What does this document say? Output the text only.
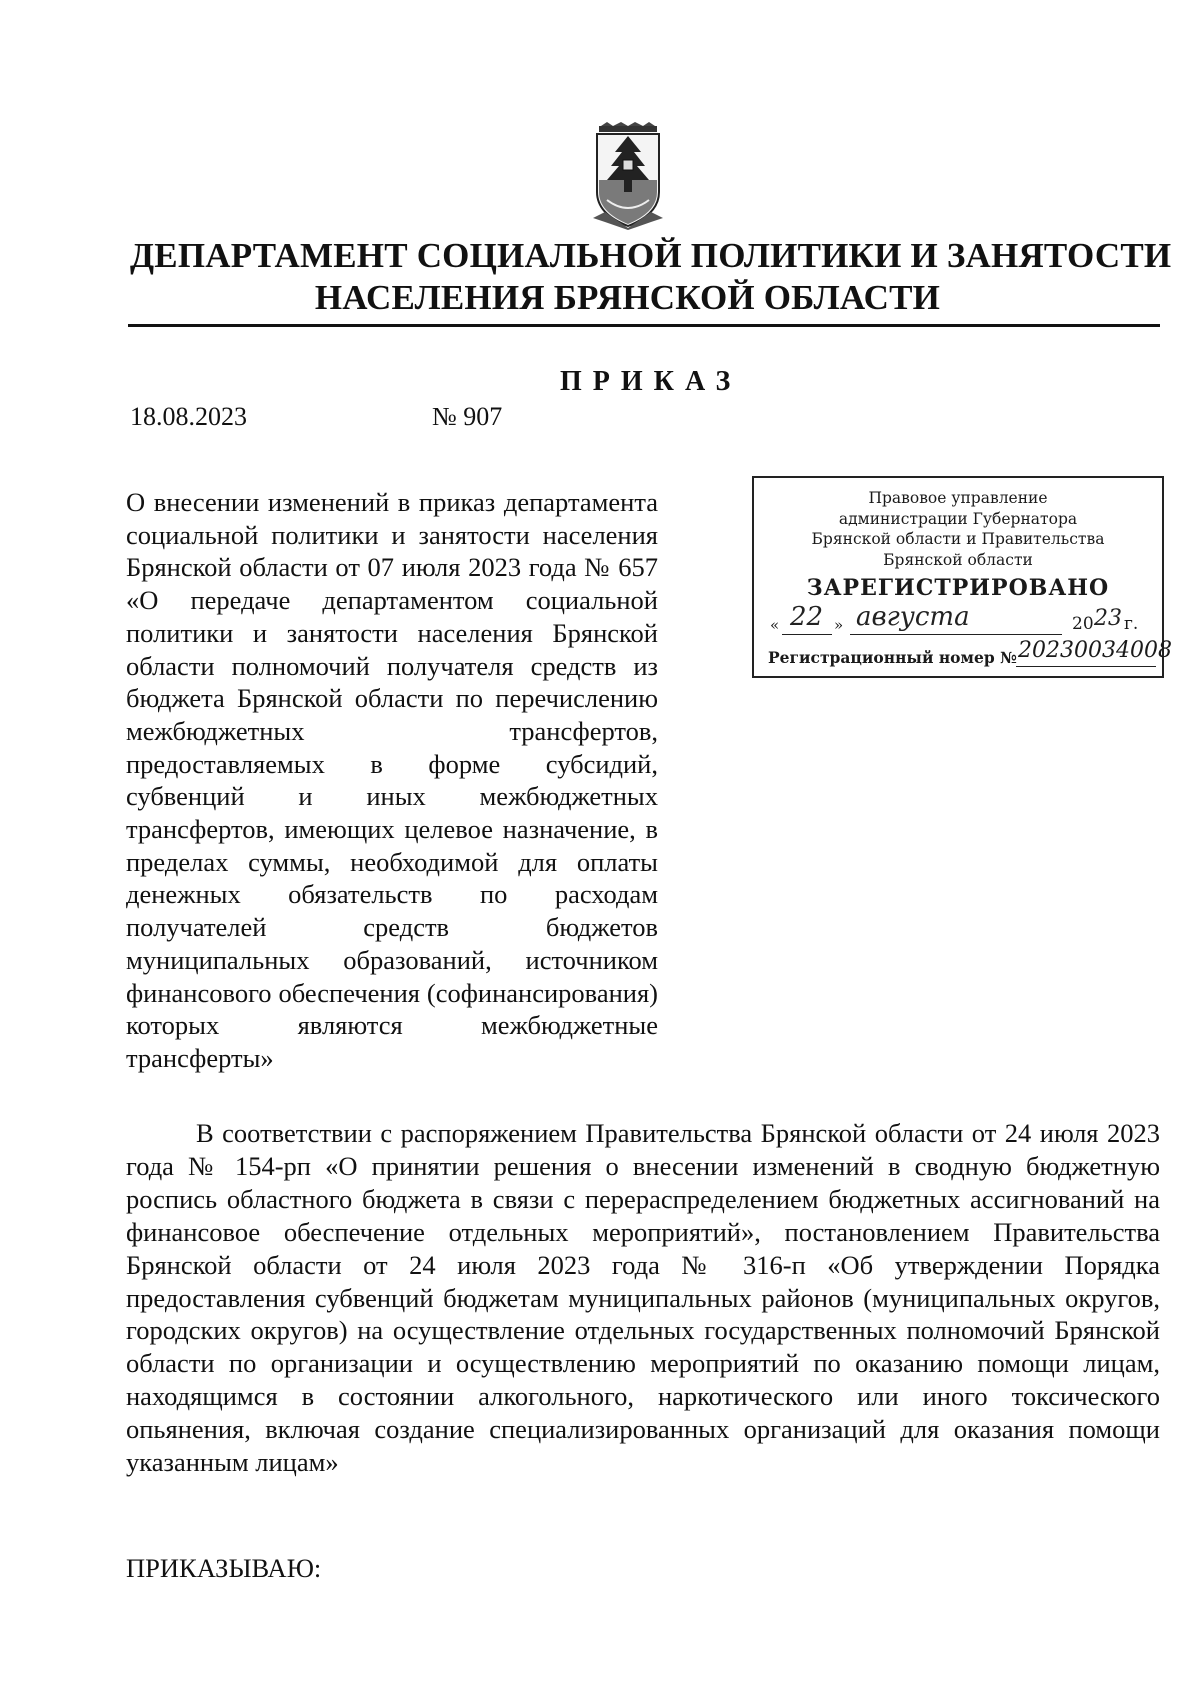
ДЕПАРТАМЕНТ СОЦИАЛЬНОЙ ПОЛИТИКИ И ЗАНЯТОСТИ
НАСЕЛЕНИЯ БРЯНСКОЙ ОБЛАСТИ
ПРИКАЗ
18.08.2023	№ 907

О внесении изменений в приказ департамента социальной политики и занятости населения Брянской области от 07 июля 2023 года № 657 «О передаче департаментом социальной политики и занятости населения Брянской области полномочий получателя средств из бюджета Брянской области по перечислению межбюджетных трансфертов, предоставляемых в форме субсидий, субвенций и иных межбюджетных трансфертов, имеющих целевое назначение, в пределах суммы, необходимой для оплаты денежных обязательств по расходам получателей средств бюджетов муниципальных образований, источником финансового обеспечения (софинансирования) которых являются межбюджетные трансферты»

Правовое управление
администрации Губернатора
Брянской области и Правительства
Брянской области
ЗАРЕГИСТРИРОВАНО
« 22 » августа	20 23 г.
Регистрационный номер № 20230034008

В соответствии с распоряжением Правительства Брянской области от 24 июля 2023 года № 154-рп «О принятии решения о внесении изменений в сводную бюджетную роспись областного бюджета в связи с перераспределением бюджетных ассигнований на финансовое обеспечение отдельных мероприятий», постановлением Правительства Брянской области от 24 июля 2023 года № 316-п «Об утверждении Порядка предоставления субвенций бюджетам муниципальных районов (муниципальных округов, городских округов) на осуществление отдельных государственных полномочий Брянской области по организации и осуществлению мероприятий по оказанию помощи лицам, находящимся в состоянии алкогольного, наркотического или иного токсического опьянения, включая создание специализированных организаций для оказания помощи указанным лицам»

ПРИКАЗЫВАЮ:
